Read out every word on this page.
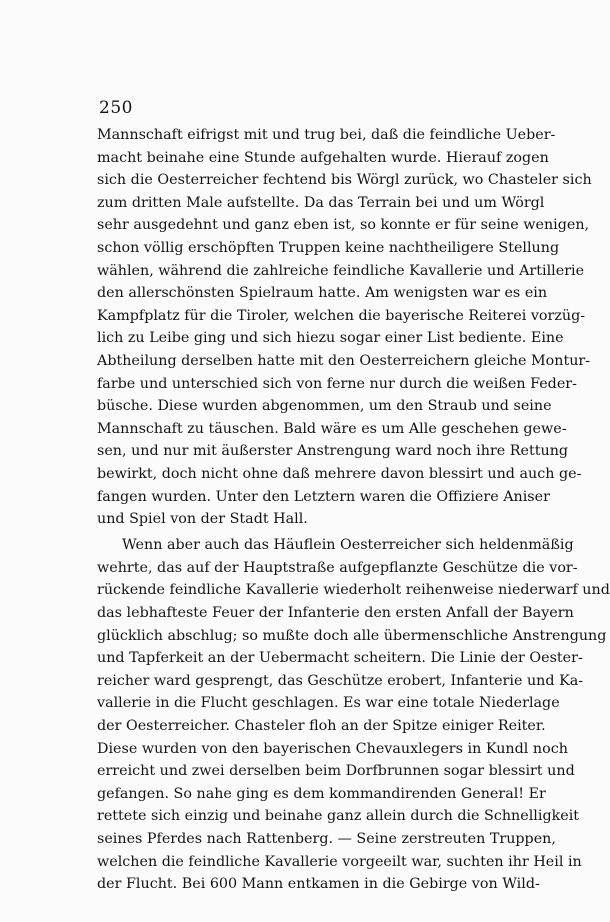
250
Mannschaft eifrigst mit und trug bei, daß die feindliche Ueber-
macht beinahe eine Stunde aufgehalten wurde. Hierauf zogen
sich die Oesterreicher fechtend bis Wörgl zurück, wo Chasteler sich
zum dritten Male aufstellte. Da das Terrain bei und um Wörgl
sehr ausgedehnt und ganz eben ist, so konnte er für seine wenigen,
schon völlig erschöpften Truppen keine nachtheiligere Stellung
wählen, während die zahlreiche feindliche Kavallerie und Artillerie
den allerschönsten Spielraum hatte. Am wenigsten war es ein
Kampfplatz für die Tiroler, welchen die bayerische Reiterei vorzüg-
lich zu Leibe ging und sich hiezu sogar einer List bediente. Eine
Abtheilung derselben hatte mit den Oesterreichern gleiche Montur-
farbe und unterschied sich von ferne nur durch die weißen Feder-
büsche. Diese wurden abgenommen, um den Straub und seine
Mannschaft zu täuschen. Bald wäre es um Alle geschehen gewe-
sen, und nur mit äußerster Anstrengung ward noch ihre Rettung
bewirkt, doch nicht ohne daß mehrere davon blessirt und auch ge-
fangen wurden. Unter den Letztern waren die Offiziere Aniser
und Spiel von der Stadt Hall.
Wenn aber auch das Häuflein Oesterreicher sich heldenmäßig
wehrte, das auf der Hauptstraße aufgepflanzte Geschütze die vor-
rückende feindliche Kavallerie wiederholt reihenweise niederwarf und
das lebhafteste Feuer der Infanterie den ersten Anfall der Bayern
glücklich abschlug; so mußte doch alle übermenschliche Anstrengung
und Tapferkeit an der Uebermacht scheitern. Die Linie der Oester-
reicher ward gesprengt, das Geschütze erobert, Infanterie und Ka-
vallerie in die Flucht geschlagen. Es war eine totale Niederlage
der Oesterreicher. Chasteler floh an der Spitze einiger Reiter.
Diese wurden von den bayerischen Chevauxlegers in Kundl noch
erreicht und zwei derselben beim Dorfbrunnen sogar blessirt und
gefangen. So nahe ging es dem kommandirenden General! Er
rettete sich einzig und beinahe ganz allein durch die Schnelligkeit
seines Pferdes nach Rattenberg. — Seine zerstreuten Truppen,
welchen die feindliche Kavallerie vorgeeilt war, suchten ihr Heil in
der Flucht. Bei 600 Mann entkamen in die Gebirge von Wild-
